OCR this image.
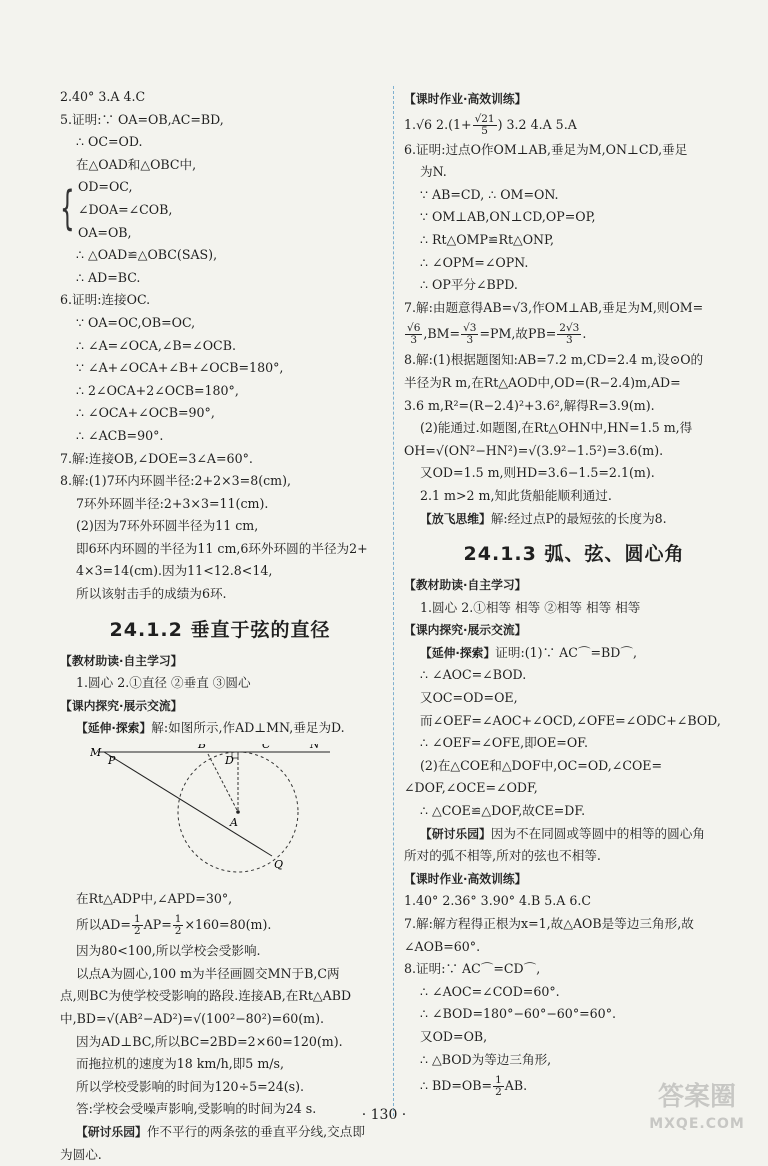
2.40° 3.A 4.C
5.证明:∵ OA=OB,AC=BD,
∴ OC=OD.
在△OAD和△OBC中,
{ OD=OC,
∠DOA=∠COB,
OA=OB,
∴ △OAD≌△OBC(SAS),
∴ AD=BC.
6.证明:连接OC.
∵ OA=OC,OB=OC,
∴ ∠A=∠OCA,∠B=∠OCB.
∵ ∠A+∠OCA+∠B+∠OCB=180°,
∴ 2∠OCA+2∠OCB=180°,
∴ ∠OCA+∠OCB=90°,
∴ ∠ACB=90°.
7.解:连接OB,∠DOE=3∠A=60°.
8.解:(1)7环内环圆半径:2+2×3=8(cm),
7环外环圆半径:2+3×3=11(cm).
(2)因为7环外环圆半径为11 cm,
即6环内环圆的半径为11 cm,6环外环圆的半径为2+
4×3=14(cm).因为11<12.8<14,
所以该射击手的成绩为6环.
24.1.2 垂直于弦的直径
【 教材助读·自主学习 】
1.圆心 2.①直径 ②垂直 ③圆心
【 课内探究·展示交流 】
【 延伸·探索 】 解:如图所示,作AD⊥MN,垂足为D.
M
P
B
D
C	N
A
Q
在Rt△ADP中,∠APD=30°,
所以$AD= \frac{1}{2} AP= \frac{1}{2} \times 160=80(m)$.
因为80<100,所以学校会受影响.
以点A为圆心,100 m为半径画圆交MN于B,C两
点,则BC为使学校受影响的路段.连接AB,在Rt△ABD
中,BD=√(AB²−AD²)=√(100²−80²)=60(m).
因为AD⊥BC,所以BC=2BD=2×60=120(m).
而拖拉机的速度为18 km/h,即5 m/s,
所以学校受影响的时间为120÷5=24(s).
答:学校会受噪声影响,受影响的时间为24 s.
【 研讨乐园 】 作不平行的两条弦的垂直平分线,交点即
为圆心.
【 课时作业·高效训练 】
1.√6 $2.(1+ \frac{√21}{5}$ ) 3.2 4.A 5.A
6.证明:过点O作OM⊥AB,垂足为M,ON⊥CD,垂足
为N.
∵ AB=CD, ∴ OM=ON.
∵ OM⊥AB,ON⊥CD,OP=OP,
∴ Rt△OMP≌Rt△ONP,
∴ ∠OPM=∠OPN.
∴ OP平分∠BPD.
7.解:由题意得AB=√3,作OM⊥AB,垂足为M,则OM=
$\frac{√6}{3} ,BM= \frac{√3}{3} =PM$,故$PB= \frac{2√3}{3}$ .
8.解:(1)根据题图知:AB=7.2 m,CD=2.4 m,设⊙O的
半径为R m,在Rt△AOD中,OD=(R−2.4)m,AD=
3.6 m,R²=(R−2.4)²+3.6²,解得R=3.9(m).
(2)能通过.如题图,在Rt△OHN中,HN=1.5 m,得
OH=√(ON²−HN²)=√(3.9²−1.5²)=3.6(m).
又OD=1.5 m,则HD=3.6−1.5=2.1(m).
2.1 m>2 m,知此货船能顺利通过.
【 放飞思维 】 解:经过点P的最短弦的长度为8.
24.1.3 弧、弦、圆心角
【 教材助读·自主学习 】
1.圆心 2.①相等 相等 ②相等 相等 相等
【 课内探究·展示交流 】
【 延伸·探索 】 证明:(1)∵ AC⌒=BD⌒,
∴ ∠AOC=∠BOD.
又OC=OD=OE,
而∠OEF=∠AOC+∠OCD,∠OFE=∠ODC+∠BOD,
∴ ∠OEF=∠OFE,即OE=OF.
(2)在△COE和△DOF中,OC=OD,∠COE=
∠DOF,∠OCE=∠ODF,
∴ △COE≌△DOF,故CE=DF.
【 研讨乐园 】 因为不在同圆或等圆中的相等的圆心角
所对的弧不相等,所对的弦也不相等.
【 课时作业·高效训练 】
1.40° 2.36° 3.90° 4.B 5.A 6.C
7.解:解方程得正根为x=1,故△AOB是等边三角形,故
∠AOB=60°.
8.证明:∵ AC⌒=CD⌒,
∴ ∠AOC=∠COD=60°.
∴ ∠BOD=180°−60°−60°=60°.
又OD=OB,
∴ △BOD为等边三角形,
∴ $BD=OB= \frac{1}{2}$ AB.
· 130 ·
答案圈
MXQE.COM
